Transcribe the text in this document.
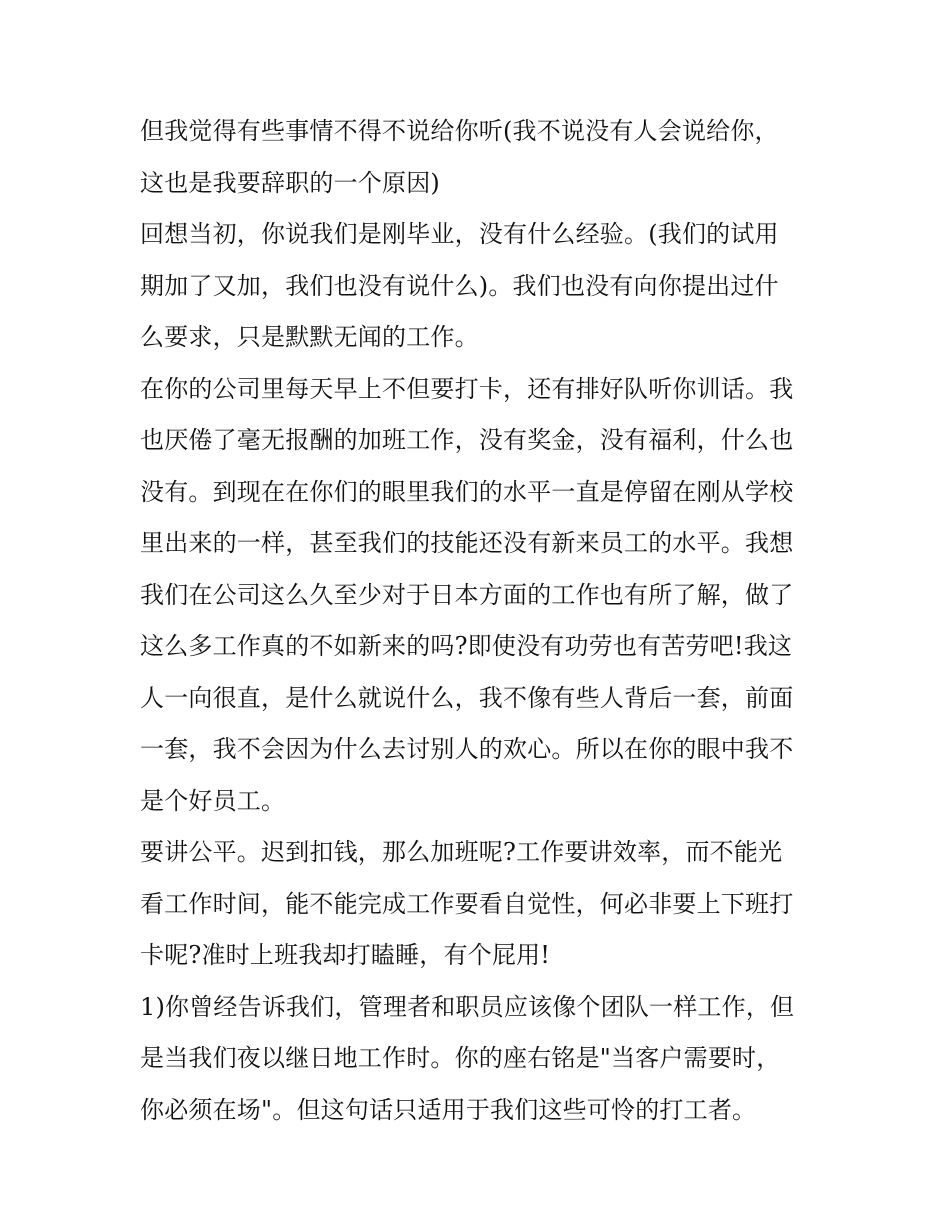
但我觉得有些事情不得不说给你听(我不说没有人会说给你，
这也是我要辞职的一个原因)
回想当初，你说我们是刚毕业，没有什么经验。(我们的试用
期加了又加，我们也没有说什么)。我们也没有向你提出过什
么要求，只是默默无闻的工作。
在你的公司里每天早上不但要打卡，还有排好队听你训话。我
也厌倦了毫无报酬的加班工作，没有奖金，没有福利，什么也
没有。到现在在你们的眼里我们的水平一直是停留在刚从学校
里出来的一样，甚至我们的技能还没有新来员工的水平。我想
我们在公司这么久至少对于日本方面的工作也有所了解，做了
这么多工作真的不如新来的吗?即使没有功劳也有苦劳吧!我这
人一向很直，是什么就说什么，我不像有些人背后一套，前面
一套，我不会因为什么去讨别人的欢心。所以在你的眼中我不
是个好员工。
要讲公平。迟到扣钱，那么加班呢?工作要讲效率，而不能光
看工作时间，能不能完成工作要看自觉性，何必非要上下班打
卡呢?准时上班我却打瞌睡，有个屁用!
1)你曾经告诉我们，管理者和职员应该像个团队一样工作，但
是当我们夜以继日地工作时。你的座右铭是"当客户需要时，
你必须在场"。但这句话只适用于我们这些可怜的打工者。
